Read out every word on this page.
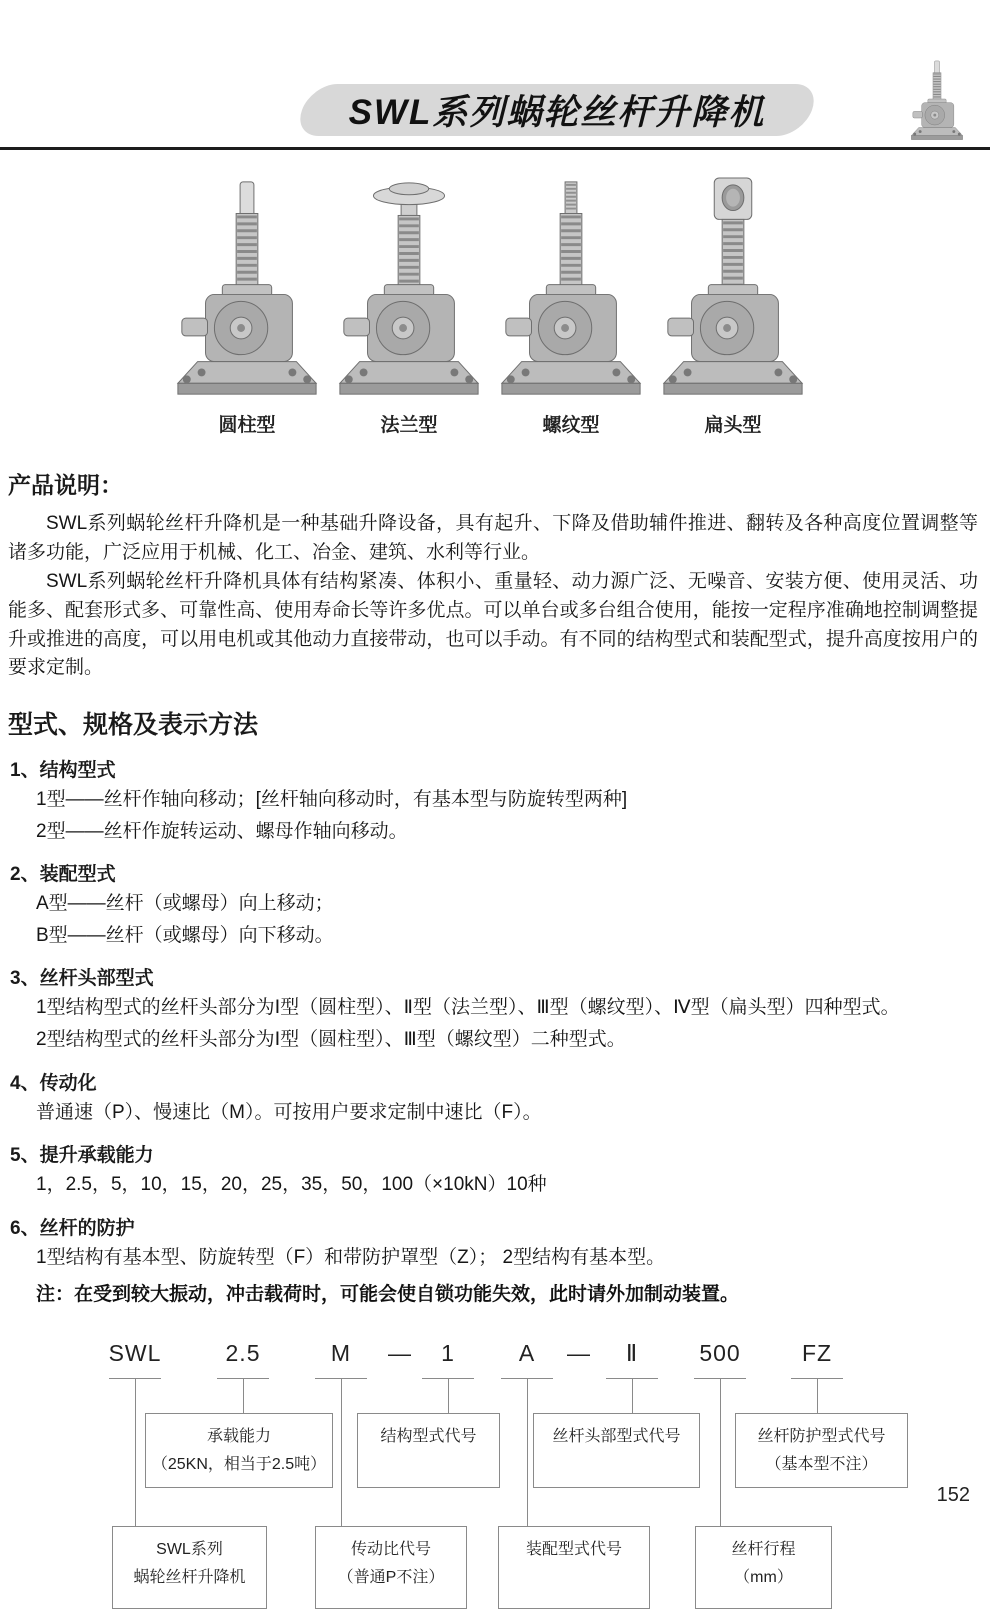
SWL系列蜗轮丝杆升降机
圆柱型	法兰型	螺纹型	扁头型
产品说明：

SWL系列蜗轮丝杆升降机是一种基础升降设备，具有起升、下降及借助辅件推进、翻转及各种高度位置调整等诸多功能，广泛应用于机械、化工、冶金、建筑、水利等行业。

SWL系列蜗轮丝杆升降机具体有结构紧凑、体积小、重量轻、动力源广泛、无噪音、安装方便、使用灵活、功能多、配套形式多、可靠性高、使用寿命长等许多优点。可以单台或多台组合使用，能按一定程序准确地控制调整提升或推进的高度，可以用电机或其他动力直接带动，也可以手动。有不同的结构型式和装配型式，提升高度按用户的要求定制。

型式、规格及表示方法
1、结构型式
1型——丝杆作轴向移动；[丝杆轴向移动时，有基本型与防旋转型两种]
2型——丝杆作旋转运动、螺母作轴向移动。
2、装配型式
A型——丝杆（或螺母）向上移动；
B型——丝杆（或螺母）向下移动。
3、丝杆头部型式
1型结构型式的丝杆头部分为Ⅰ型（圆柱型）、Ⅱ型（法兰型）、Ⅲ型（螺纹型）、Ⅳ型（扁头型）四种型式。
2型结构型式的丝杆头部分为Ⅰ型（圆柱型）、Ⅲ型（螺纹型）二种型式。
4、传动化
普通速（P）、慢速比（M）。可按用户要求定制中速比（F）。
5、提升承载能力
1，2.5，5，10，15，20，25，35，50，100（×10kN）10种
6、丝杆的防护
1型结构有基本型、防旋转型（F）和带防护罩型（Z）； 2型结构有基本型。
注：在受到较大振动，冲击载荷时，可能会使自锁功能失效，此时请外加制动装置。
SWL	2.5	M — 1	A — Ⅱ	500	FZ
承载能力
（25KN，相当于2.5吨）
结构型式代号	丝杆头部型式代号	丝杆防护型式代号
（基本型不注）
SWL系列
蜗轮丝杆升降机
传动比代号
（普通P不注）
装配型式代号	丝杆行程
（mm）
152
